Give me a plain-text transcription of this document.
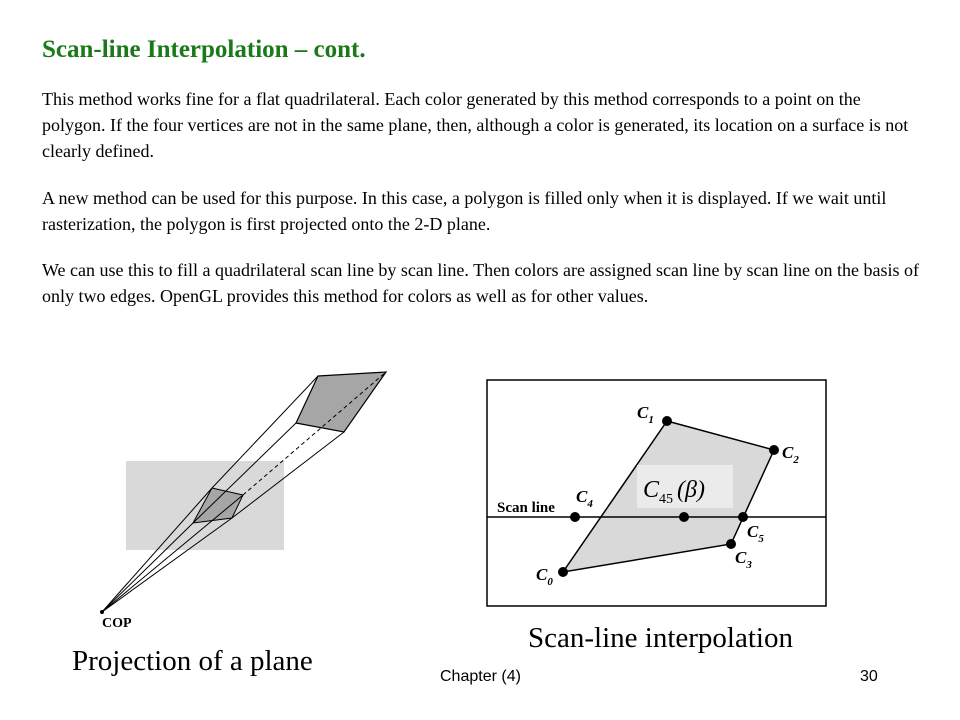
Scan-line Interpolation – cont.
This method works fine for a flat quadrilateral. Each color generated by this method corresponds to a point on the polygon. If the four vertices are not in the same plane, then, although a color is generated, its location on a surface is not clearly defined.
A new method can be used for this purpose. In this case, a polygon is filled only when it is displayed. If we wait until rasterization, the polygon is first projected onto the 2-D plane.
We can use this to fill a quadrilateral scan line by scan line. Then colors are assigned scan line by scan line on the basis of only two edges. OpenGL provides this method for colors as well as for other values.
COP
Scan line
$C_1$
$C_2$
$C_3$
$C_0$
$C_4$
$C_5$
$C_{45}$ (β)
Projection of a plane
Scan-line interpolation
Chapter (4)	30
